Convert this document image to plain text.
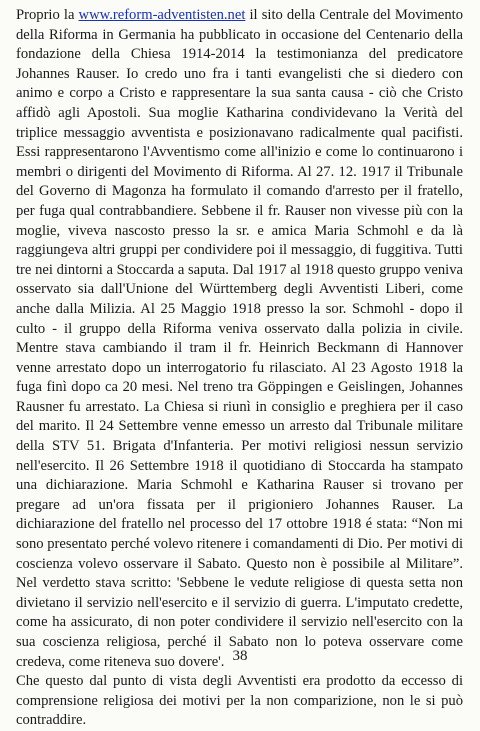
Proprio la www.reform-adventisten.net il sito della Centrale del Movimento della Riforma in Germania ha pubblicato in occasione del Centenario della fondazione della Chiesa 1914-2014 la testimonianza del predicatore Johannes Rauser. Io credo uno fra i tanti evangelisti che si diedero con animo e corpo a Cristo e rappresentare la sua santa causa - ciò che Cristo affidò agli Apostoli. Sua moglie Katharina condividevano la Verità del triplice messaggio avventista e posizionavano radicalmente qual pacifisti. Essi rappresentarono l'Avventismo come all'inizio e come lo continuarono i membri o dirigenti del Movimento di Riforma. Al 27. 12. 1917 il Tribunale del Governo di Magonza ha formulato il comando d'arresto per il fratello, per fuga qual contrabbandiere. Sebbene il fr. Rauser non vivesse più con la moglie, viveva nascosto presso la sr. e amica Maria Schmohl e da là raggiungeva altri gruppi per condividere poi il messaggio, di fuggitiva. Tutti tre nei dintorni a Stoccarda a saputa. Dal 1917 al 1918 questo gruppo veniva osservato sia dall'Unione del Württemberg degli Avventisti Liberi, come anche dalla Milizia. Al 25 Maggio 1918 presso la sor. Schmohl - dopo il culto - il gruppo della Riforma veniva osservato dalla polizia in civile. Mentre stava cambiando il tram il fr. Heinrich Beckmann di Hannover venne arrestato dopo un interrogatorio fu rilasciato. Al 23 Agosto 1918 la fuga finì dopo ca 20 mesi. Nel treno tra Göppingen e Geislingen, Johannes Rausner fu arrestato. La Chiesa si riunì in consiglio e preghiera per il caso del marito. Il 24 Settembre venne emesso un arresto dal Tribunale militare della STV 51. Brigata d'Infanteria. Per motivi religiosi nessun servizio nell'esercito. Il 26 Settembre 1918 il quotidiano di Stoccarda ha stampato una dichiarazione. Maria Schmohl e Katharina Rauser si trovano per pregare ad un'ora fissata per il prigioniero Johannes Rauser. La dichiarazione del fratello nel processo del 17 ottobre 1918 é stata: “Non mi sono presentato perché volevo ritenere i comandamenti di Dio. Per motivi di coscienza volevo osservare il Sabato. Questo non è possibile al Militare”. Nel verdetto stava scritto: 'Sebbene le vedute religiose di questa setta non divietano il servizio nell'esercito e il servizio di guerra. L'imputato credette, come ha assicurato, di non poter condividere il servizio nell'esercito con la sua coscienza religiosa, perché il Sabato non lo poteva osservare come credeva, come riteneva suo dovere'.

Che questo dal punto di vista degli Avventisti era prodotto da eccesso di comprensione religiosa dei motivi per la non comparizione, non le si può contraddire.

38
